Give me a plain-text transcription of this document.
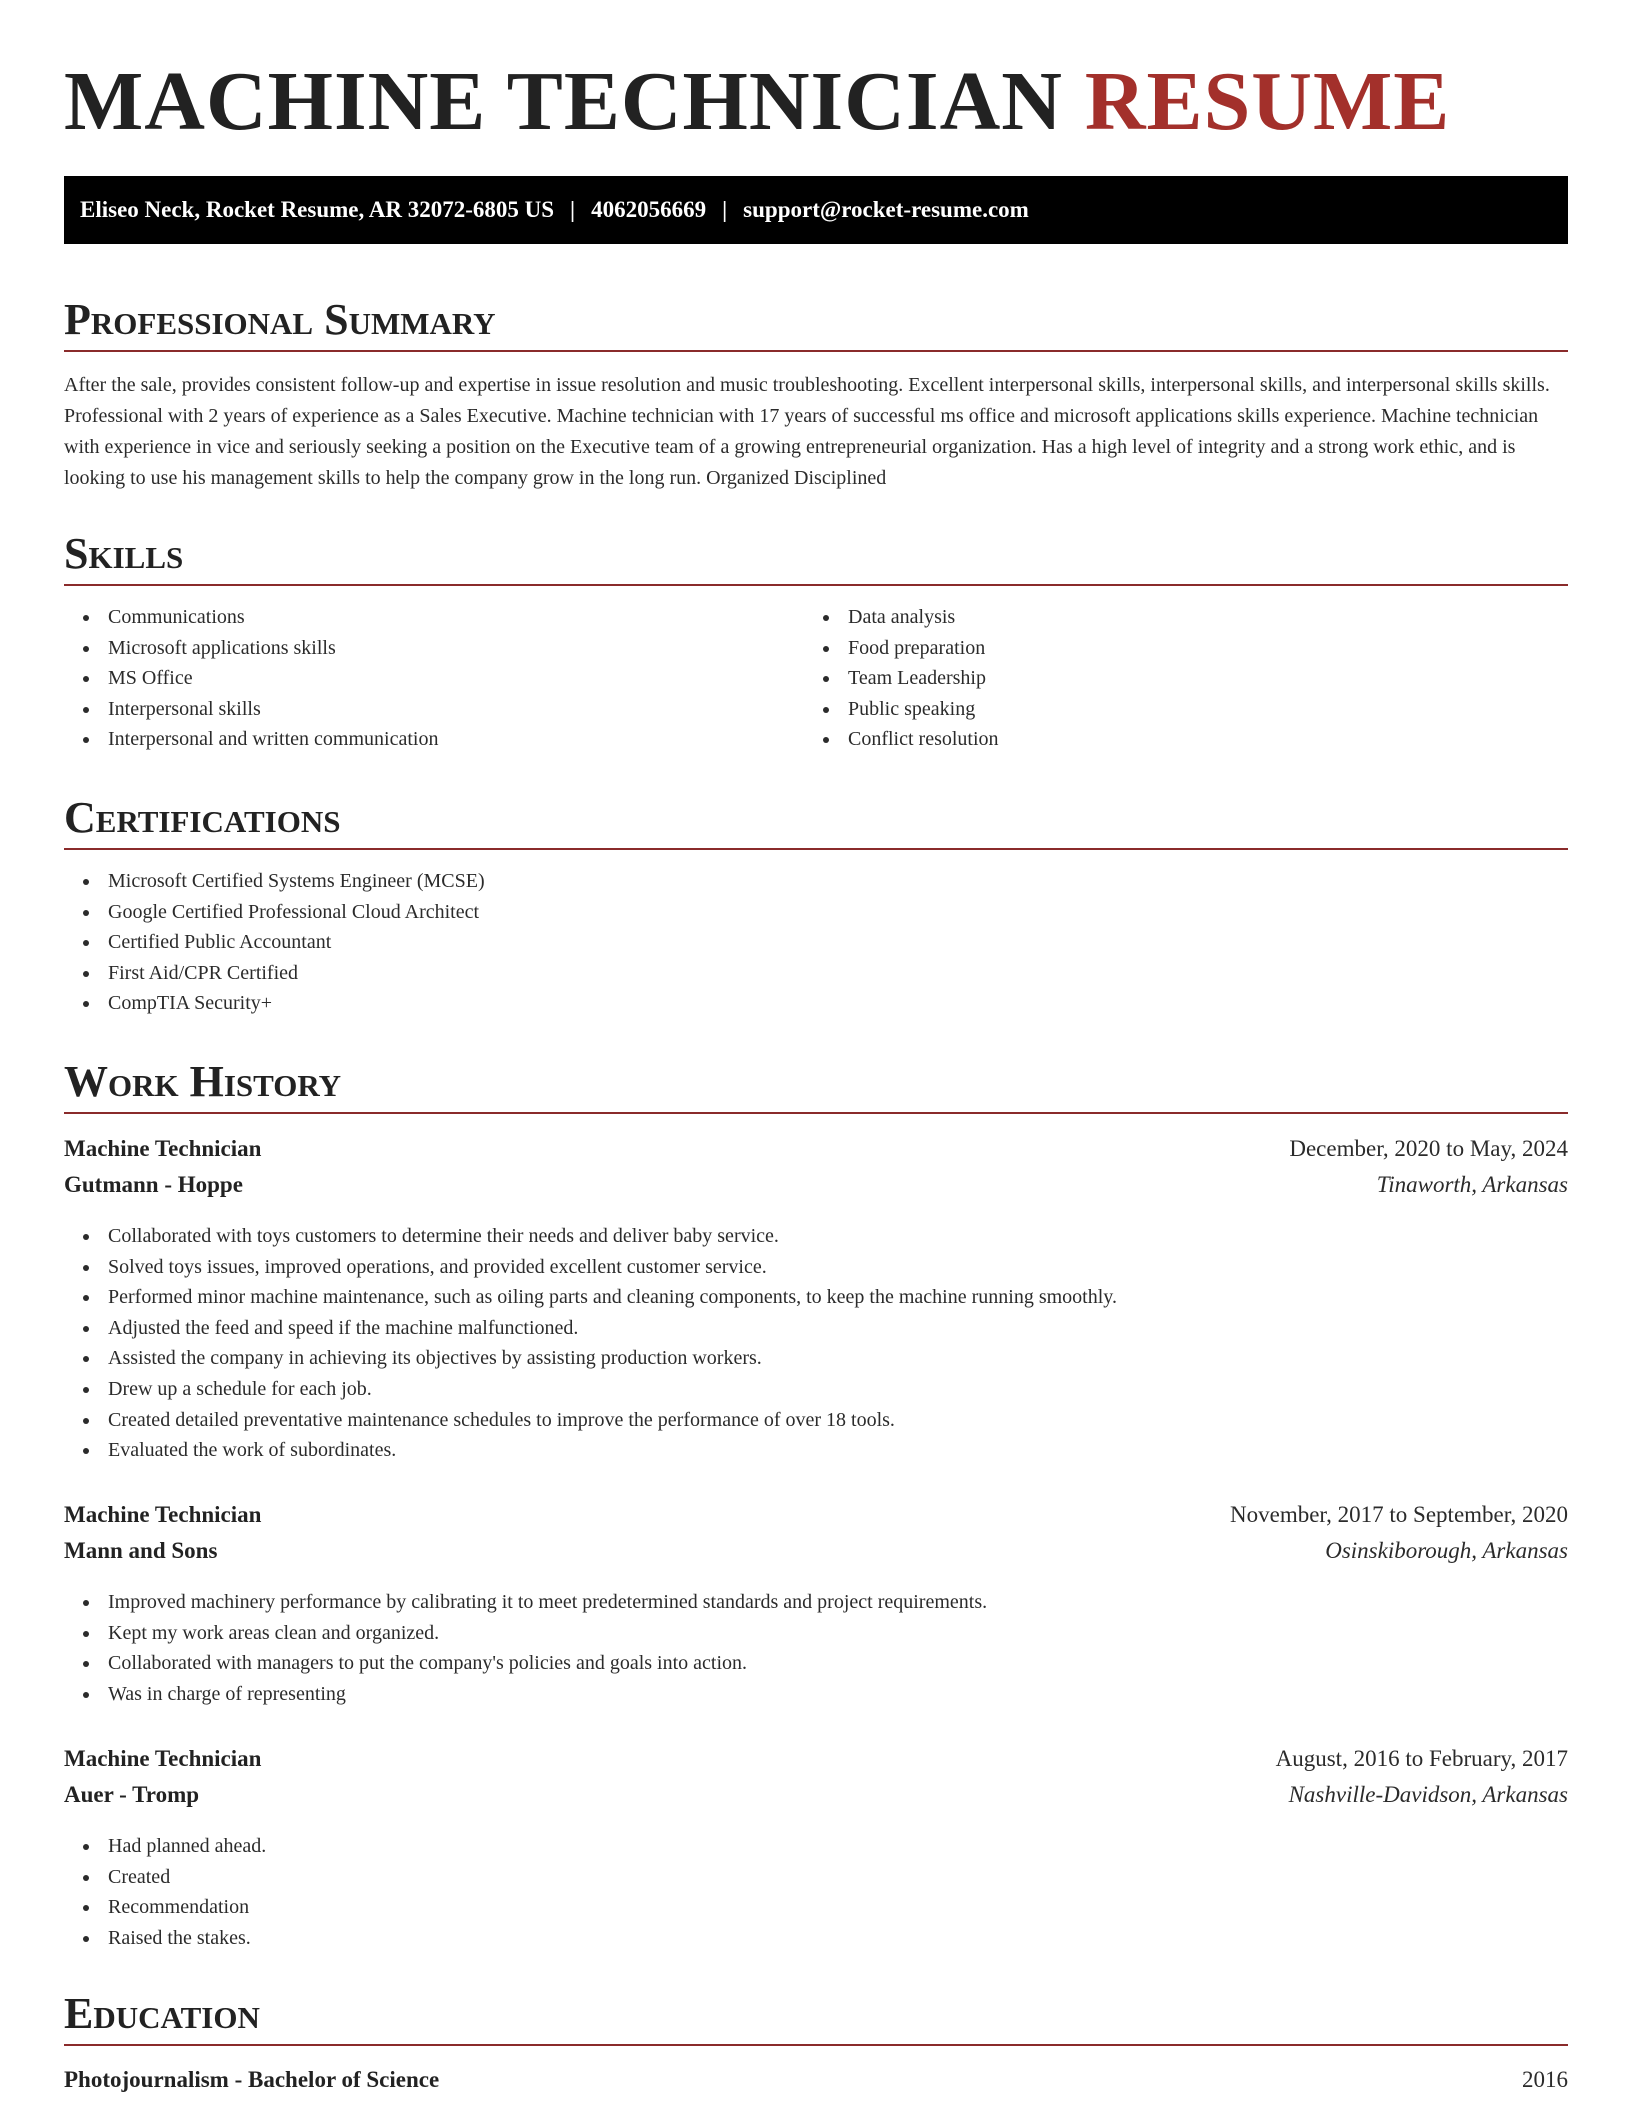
MACHINE TECHNICIAN RESUME
Eliseo Neck, Rocket Resume, AR 32072-6805 US | 4062056669 | support@rocket-resume.com
Professional Summary

After the sale, provides consistent follow-up and expertise in issue resolution and music troubleshooting. Excellent interpersonal skills, interpersonal skills, and interpersonal skills skills. Professional with 2 years of experience as a Sales Executive. Machine technician with 17 years of successful ms office and microsoft applications skills experience. Machine technician with experience in vice and seriously seeking a position on the Executive team of a growing entrepreneurial organization. Has a high level of integrity and a strong work ethic, and is looking to use his management skills to help the company grow in the long run. Organized Disciplined

Skills
Communications
Microsoft applications skills
MS Office
Interpersonal skills
Interpersonal and written communication
Data analysis
Food preparation
Team Leadership
Public speaking
Conflict resolution
Certifications
Microsoft Certified Systems Engineer (MCSE)
Google Certified Professional Cloud Architect
Certified Public Accountant
First Aid/CPR Certified
CompTIA Security+
Work History
Machine Technician	December, 2020 to May, 2024
Gutmann - Hoppe	Tinaworth, Arkansas
Collaborated with toys customers to determine their needs and deliver baby service.
Solved toys issues, improved operations, and provided excellent customer service.
Performed minor machine maintenance, such as oiling parts and cleaning components, to keep the machine running smoothly.
Adjusted the feed and speed if the machine malfunctioned.
Assisted the company in achieving its objectives by assisting production workers.
Drew up a schedule for each job.
Created detailed preventative maintenance schedules to improve the performance of over 18 tools.
Evaluated the work of subordinates.
Machine Technician	November, 2017 to September, 2020
Mann and Sons	Osinskiborough, Arkansas
Improved machinery performance by calibrating it to meet predetermined standards and project requirements.
Kept my work areas clean and organized.
Collaborated with managers to put the company's policies and goals into action.
Was in charge of representing
Machine Technician	August, 2016 to February, 2017
Auer - Tromp	Nashville-Davidson, Arkansas
Had planned ahead.
Created
Recommendation
Raised the stakes.
Education
Photojournalism - Bachelor of Science	2016
